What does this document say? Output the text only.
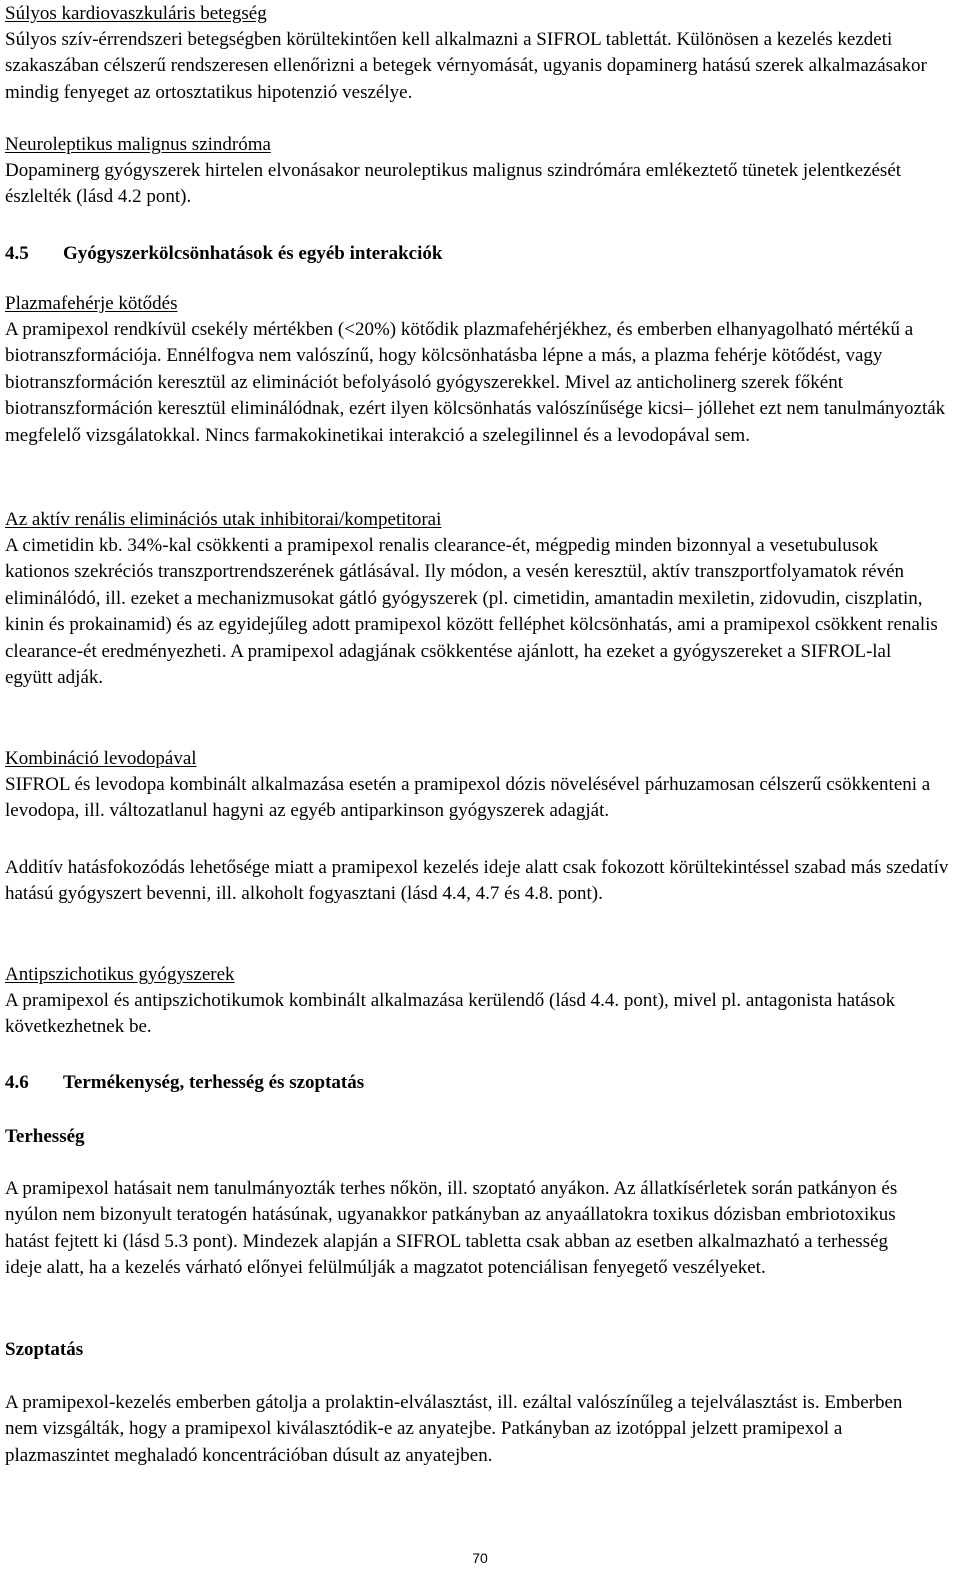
Súlyos kardiovaszkuláris betegség

Súlyos szív-érrendszeri betegségben körültekintően kell alkalmazni a SIFROL tablettát. Különösen a kezelés kezdeti szakaszában célszerű rendszeresen ellenőrizni a betegek vérnyomását, ugyanis dopaminerg hatású szerek alkalmazásakor mindig fenyeget az ortosztatikus hipotenzió veszélye.

Neuroleptikus malignus szindróma

Dopaminerg gyógyszerek hirtelen elvonásakor neuroleptikus malignus szindrómára emlékeztető tünetek jelentkezését észlelték (lásd 4.2 pont).

4.5	Gyógyszerkölcsönhatások és egyéb interakciók

Plazmafehérje kötődés

A pramipexol rendkívül csekély mértékben (<20%) kötődik plazmafehérjékhez, és emberben elhanyagolható mértékű a biotranszformációja. Ennélfogva nem valószínű, hogy kölcsönhatásba lépne a más, a plazma fehérje kötődést, vagy biotranszformáción keresztül az eliminációt befolyásoló gyógyszerekkel. Mivel az anticholinerg szerek főként biotranszformáción keresztül eliminálódnak, ezért ilyen kölcsönhatás valószínűsége kicsi– jóllehet ezt nem tanulmányozták megfelelő vizsgálatokkal. Nincs farmakokinetikai interakció a szelegilinnel és a levodopával sem.

Az aktív renális eliminációs utak inhibitorai/kompetitorai

A cimetidin kb. 34%-kal csökkenti a pramipexol renalis clearance-ét, mégpedig minden bizonnyal a vesetubulusok kationos szekréciós transzportrendszerének gátlásával. Ily módon, a vesén keresztül, aktív transzportfolyamatok révén eliminálódó, ill. ezeket a mechanizmusokat gátló gyógyszerek (pl. cimetidin, amantadin mexiletin, zidovudin, ciszplatin, kinin és prokainamid) és az egyidejűleg adott pramipexol között felléphet kölcsönhatás, ami a pramipexol csökkent renalis clearance-ét eredményezheti. A pramipexol adagjának csökkentése ajánlott, ha ezeket a gyógyszereket a SIFROL-lal együtt adják.

Kombináció levodopával

SIFROL és levodopa kombinált alkalmazása esetén a pramipexol dózis növelésével párhuzamosan célszerű csökkenteni a levodopa, ill. változatlanul hagyni az egyéb antiparkinson gyógyszerek adagját.

Additív hatásfokozódás lehetősége miatt a pramipexol kezelés ideje alatt csak fokozott körültekintéssel szabad más szedatív hatású gyógyszert bevenni, ill. alkoholt fogyasztani (lásd 4.4, 4.7 és 4.8. pont).

Antipszichotikus gyógyszerek

A pramipexol és antipszichotikumok kombinált alkalmazása kerülendő (lásd 4.4. pont), mivel pl. antagonista hatások következhetnek be.

4.6	Termékenység, terhesség és szoptatás

Terhesség

A pramipexol hatásait nem tanulmányozták terhes nőkön, ill. szoptató anyákon. Az állatkísérletek során patkányon és nyúlon nem bizonyult teratogén hatásúnak, ugyanakkor patkányban az anyaállatokra toxikus dózisban embriotoxikus hatást fejtett ki (lásd 5.3 pont). Mindezek alapján a SIFROL tabletta csak abban az esetben alkalmazható a terhesség ideje alatt, ha a kezelés várható előnyei felülmúlják a magzatot potenciálisan fenyegető veszélyeket.

Szoptatás

A pramipexol-kezelés emberben gátolja a prolaktin-elválasztást, ill. ezáltal valószínűleg a tejelválasztást is. Emberben nem vizsgálták, hogy a pramipexol kiválasztódik-e az anyatejbe. Patkányban az izotóppal jelzett pramipexol a plazmaszintet meghaladó koncentrációban dúsult az anyatejben.

70
